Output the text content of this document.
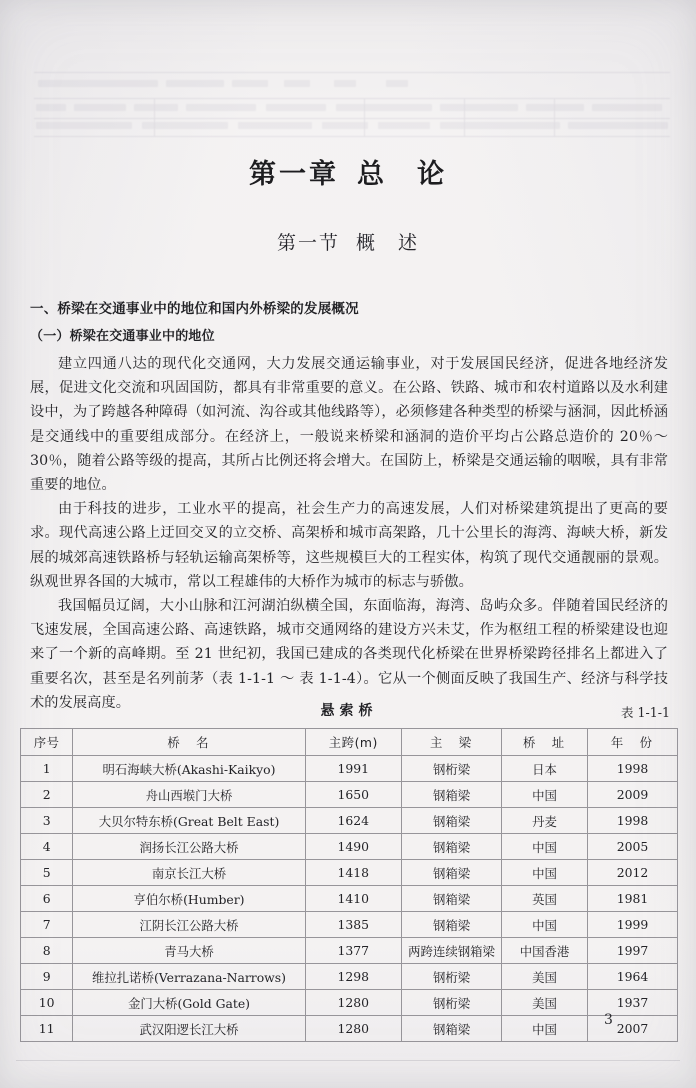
第一章 总　论
第一节 概　述
一、桥梁在交通事业中的地位和国内外桥梁的发展概况
（一）桥梁在交通事业中的地位

建立四通八达的现代化交通网，大力发展交通运输事业，对于发展国民经济，促进各地经济发展，促进文化交流和巩固国防，都具有非常重要的意义。在公路、铁路、城市和农村道路以及水利建设中，为了跨越各种障碍（如河流、沟谷或其他线路等），必须修建各种类型的桥梁与涵洞，因此桥涵是交通线中的重要组成部分。在经济上，一般说来桥梁和涵洞的造价平均占公路总造价的 20％～30％，随着公路等级的提高，其所占比例还将会增大。在国防上，桥梁是交通运输的咽喉，具有非常重要的地位。

由于科技的进步，工业水平的提高，社会生产力的高速发展，人们对桥梁建筑提出了更高的要求。现代高速公路上迂回交叉的立交桥、高架桥和城市高架路，几十公里长的海湾、海峡大桥，新发展的城郊高速铁路桥与轻轨运输高架桥等，这些规模巨大的工程实体，构筑了现代交通靓丽的景观。纵观世界各国的大城市，常以工程雄伟的大桥作为城市的标志与骄傲。

我国幅员辽阔，大小山脉和江河湖泊纵横全国，东面临海，海湾、岛屿众多。伴随着国民经济的飞速发展，全国高速公路、高速铁路，城市交通网络的建设方兴未艾，作为枢纽工程的桥梁建设也迎来了一个新的高峰期。至 21 世纪初，我国已建成的各类现代化桥梁在世界桥梁跨径排名上都进入了重要名次，甚至是名列前茅（表 1-1-1 ～ 表 1-1-4）。它从一个侧面反映了我国生产、经济与科学技术的发展高度。

悬索桥	表 1-1-1
序号	桥　名	主跨(m)	主　梁	桥　址	年　份
1	明石海峡大桥(Akashi-Kaikyo)	1991	钢桁梁	日本	1998
2	舟山西堠门大桥	1650	钢箱梁	中国	2009
3	大贝尔特东桥(Great Belt East)	1624	钢箱梁	丹麦	1998
4	润扬长江公路大桥	1490	钢箱梁	中国	2005
5	南京长江大桥	1418	钢箱梁	中国	2012
6	亨伯尔桥(Humber)	1410	钢箱梁	英国	1981
7	江阴长江公路大桥	1385	钢箱梁	中国	1999
8	青马大桥	1377	两跨连续钢箱梁	中国香港	1997
9	维拉扎诺桥(Verrazana-Narrows)	1298	钢桁梁	美国	1964
10	金门大桥(Gold Gate)	1280	钢桁梁	美国	1937
11	武汉阳逻长江大桥	1280	钢箱梁	中国	2007
3
